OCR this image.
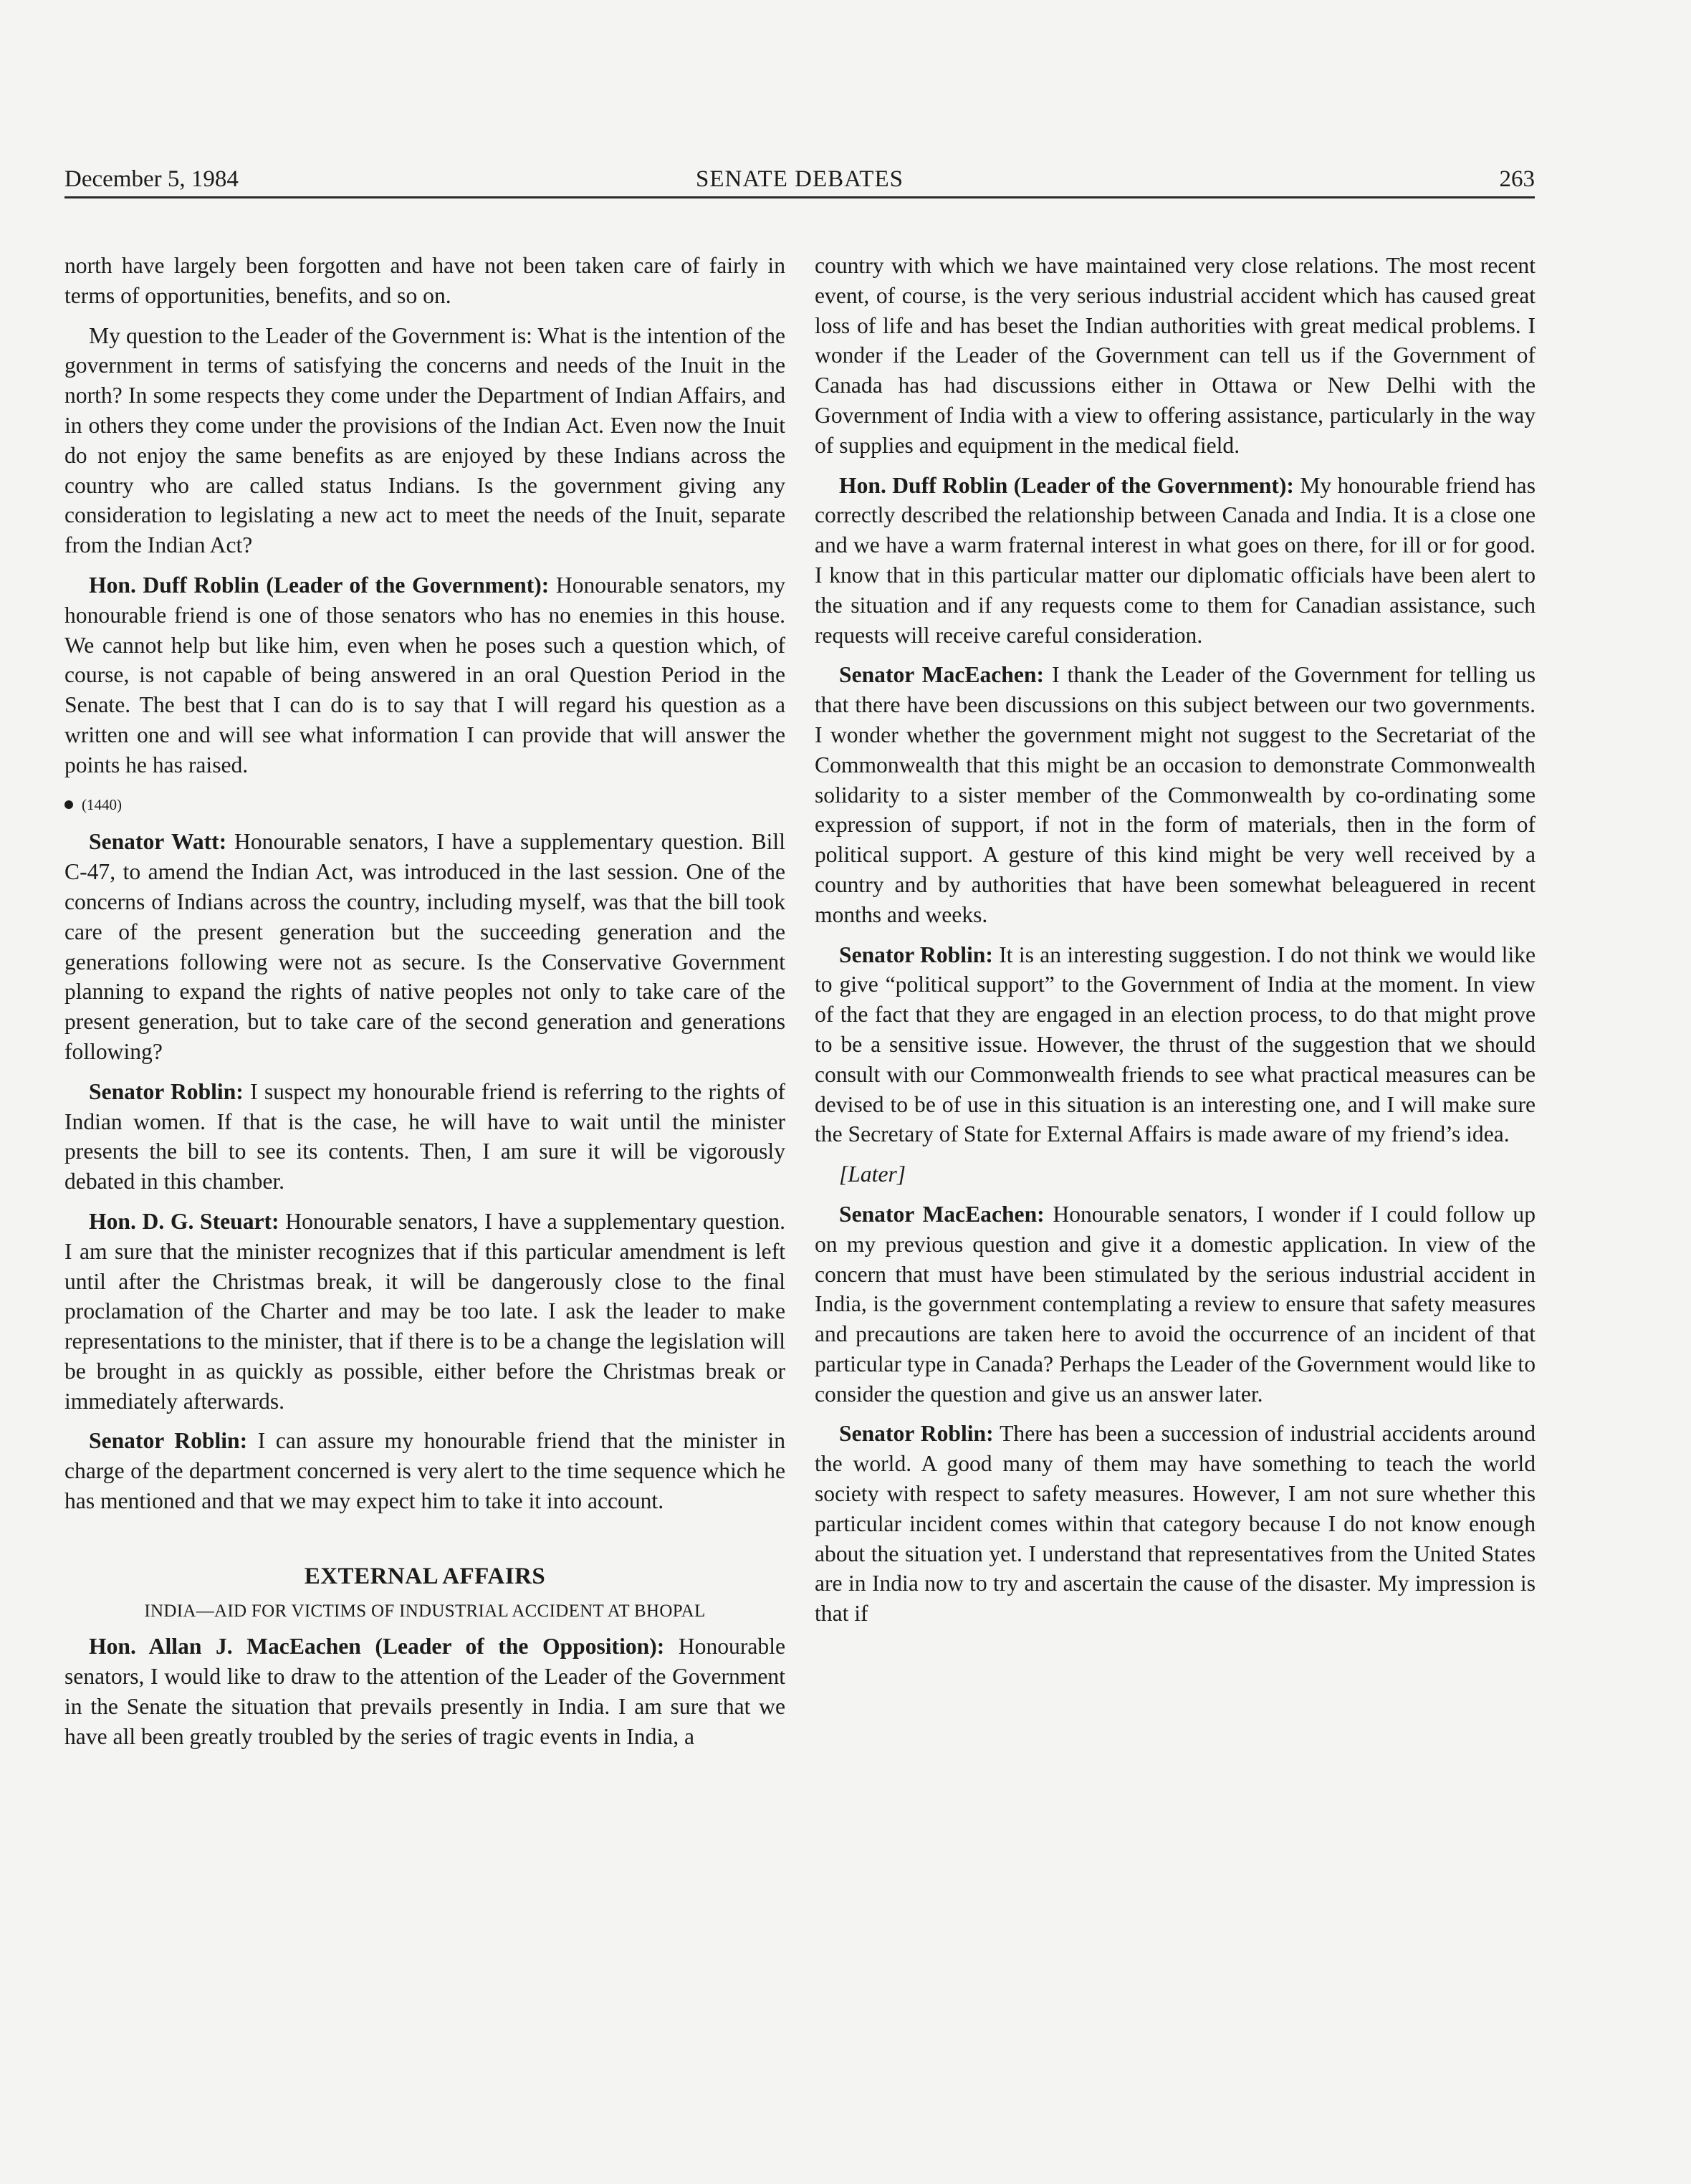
December 5, 1984	SENATE DEBATES	263

north have largely been forgotten and have not been taken care of fairly in terms of opportunities, benefits, and so on.

My question to the Leader of the Government is: What is the intention of the government in terms of satisfying the concerns and needs of the Inuit in the north? In some respects they come under the Department of Indian Affairs, and in others they come under the provisions of the Indian Act. Even now the Inuit do not enjoy the same benefits as are enjoyed by these Indians across the country who are called status Indians. Is the government giving any consideration to legislating a new act to meet the needs of the Inuit, separate from the Indian Act?

Hon. Duff Roblin (Leader of the Government): Honourable senators, my honourable friend is one of those senators who has no enemies in this house. We cannot help but like him, even when he poses such a question which, of course, is not capable of being answered in an oral Question Period in the Senate. The best that I can do is to say that I will regard his question as a written one and will see what information I can provide that will answer the points he has raised.

(1440)

Senator Watt: Honourable senators, I have a supplementary question. Bill C-47, to amend the Indian Act, was introduced in the last session. One of the concerns of Indians across the country, including myself, was that the bill took care of the present generation but the succeeding generation and the generations following were not as secure. Is the Conservative Government planning to expand the rights of native peoples not only to take care of the present generation, but to take care of the second generation and generations following?

Senator Roblin: I suspect my honourable friend is referring to the rights of Indian women. If that is the case, he will have to wait until the minister presents the bill to see its contents. Then, I am sure it will be vigorously debated in this chamber.

Hon. D. G. Steuart: Honourable senators, I have a supplementary question. I am sure that the minister recognizes that if this particular amendment is left until after the Christmas break, it will be dangerously close to the final proclamation of the Charter and may be too late. I ask the leader to make representations to the minister, that if there is to be a change the legislation will be brought in as quickly as possible, either before the Christmas break or immediately afterwards.

Senator Roblin: I can assure my honourable friend that the minister in charge of the department concerned is very alert to the time sequence which he has mentioned and that we may expect him to take it into account.

EXTERNAL AFFAIRS
INDIA—AID FOR VICTIMS OF INDUSTRIAL ACCIDENT AT BHOPAL

Hon. Allan J. MacEachen (Leader of the Opposition): Honourable senators, I would like to draw to the attention of the Leader of the Government in the Senate the situation that prevails presently in India. I am sure that we have all been greatly troubled by the series of tragic events in India, a

country with which we have maintained very close relations. The most recent event, of course, is the very serious industrial accident which has caused great loss of life and has beset the Indian authorities with great medical problems. I wonder if the Leader of the Government can tell us if the Government of Canada has had discussions either in Ottawa or New Delhi with the Government of India with a view to offering assistance, particularly in the way of supplies and equipment in the medical field.

Hon. Duff Roblin (Leader of the Government): My honourable friend has correctly described the relationship between Canada and India. It is a close one and we have a warm fraternal interest in what goes on there, for ill or for good. I know that in this particular matter our diplomatic officials have been alert to the situation and if any requests come to them for Canadian assistance, such requests will receive careful consideration.

Senator MacEachen: I thank the Leader of the Government for telling us that there have been discussions on this subject between our two governments. I wonder whether the government might not suggest to the Secretariat of the Commonwealth that this might be an occasion to demonstrate Commonwealth solidarity to a sister member of the Commonwealth by co-ordinating some expression of support, if not in the form of materials, then in the form of political support. A gesture of this kind might be very well received by a country and by authorities that have been somewhat beleaguered in recent months and weeks.

Senator Roblin: It is an interesting suggestion. I do not think we would like to give “political support” to the Government of India at the moment. In view of the fact that they are engaged in an election process, to do that might prove to be a sensitive issue. However, the thrust of the suggestion that we should consult with our Commonwealth friends to see what practical measures can be devised to be of use in this situation is an interesting one, and I will make sure the Secretary of State for External Affairs is made aware of my friend’s idea.

[Later]

Senator MacEachen: Honourable senators, I wonder if I could follow up on my previous question and give it a domestic application. In view of the concern that must have been stimulated by the serious industrial accident in India, is the government contemplating a review to ensure that safety measures and precautions are taken here to avoid the occurrence of an incident of that particular type in Canada? Perhaps the Leader of the Government would like to consider the question and give us an answer later.

Senator Roblin: There has been a succession of industrial accidents around the world. A good many of them may have something to teach the world society with respect to safety measures. However, I am not sure whether this particular incident comes within that category because I do not know enough about the situation yet. I understand that representatives from the United States are in India now to try and ascertain the cause of the disaster. My impression is that if
